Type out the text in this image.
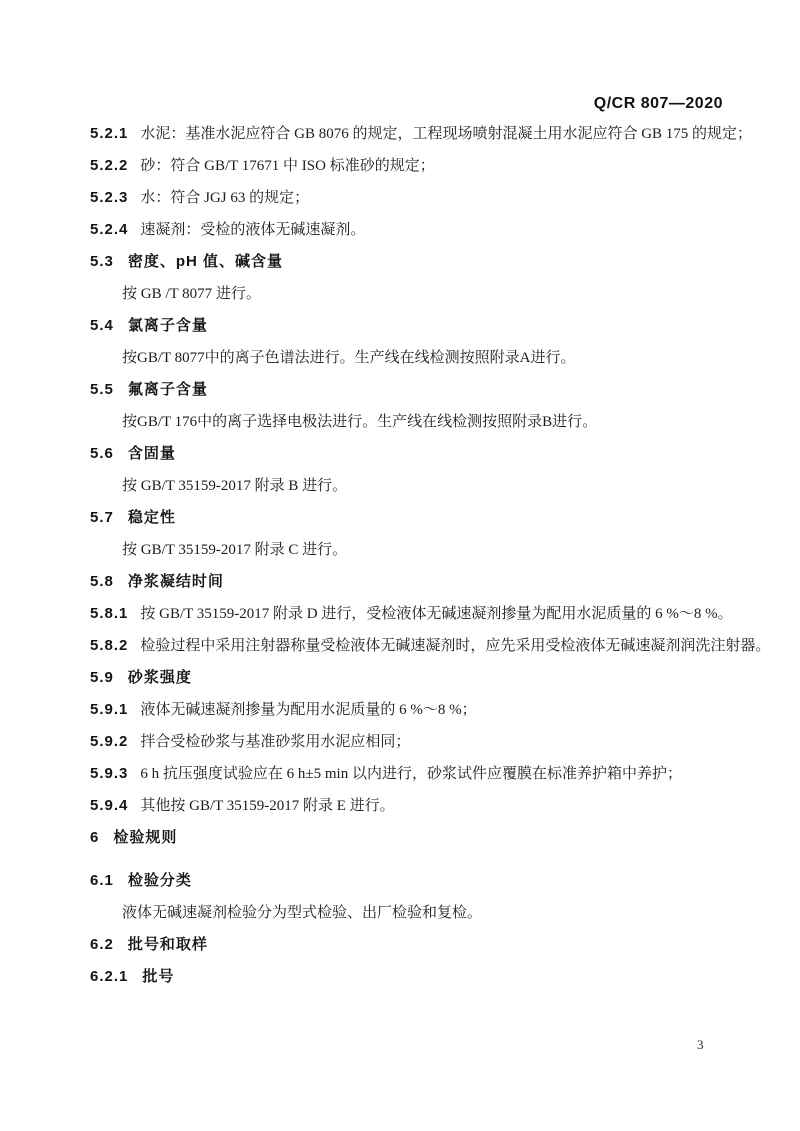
Q/CR 807—2020
5.2.1 水泥：基准水泥应符合 GB 8076 的规定，工程现场喷射混凝土用水泥应符合 GB 175 的规定；
5.2.2 砂：符合 GB/T 17671 中 ISO 标准砂的规定；
5.2.3 水：符合 JGJ 63 的规定；
5.2.4 速凝剂：受检的液体无碱速凝剂。
5.3 密度、pH 值、碱含量
按 GB /T 8077 进行。
5.4 氯离子含量
按GB/T 8077中的离子色谱法进行。生产线在线检测按照附录A进行。
5.5 氟离子含量
按GB/T 176中的离子选择电极法进行。生产线在线检测按照附录B进行。
5.6 含固量
按 GB/T 35159-2017 附录 B 进行。
5.7 稳定性
按 GB/T 35159-2017 附录 C 进行。
5.8 净浆凝结时间
5.8.1 按 GB/T 35159-2017 附录 D 进行，受检液体无碱速凝剂掺量为配用水泥质量的 6 %～8 %。
5.8.2 检验过程中采用注射器称量受检液体无碱速凝剂时，应先采用受检液体无碱速凝剂润洗注射器。
5.9 砂浆强度
5.9.1 液体无碱速凝剂掺量为配用水泥质量的 6 %～8 %；
5.9.2 拌合受检砂浆与基准砂浆用水泥应相同；
5.9.3 6 h 抗压强度试验应在 6 h±5 min 以内进行，砂浆试件应覆膜在标准养护箱中养护；
5.9.4 其他按 GB/T 35159-2017 附录 E 进行。
6 检验规则
6.1 检验分类
液体无碱速凝剂检验分为型式检验、出厂检验和复检。
6.2 批号和取样
6.2.1 批号
3
